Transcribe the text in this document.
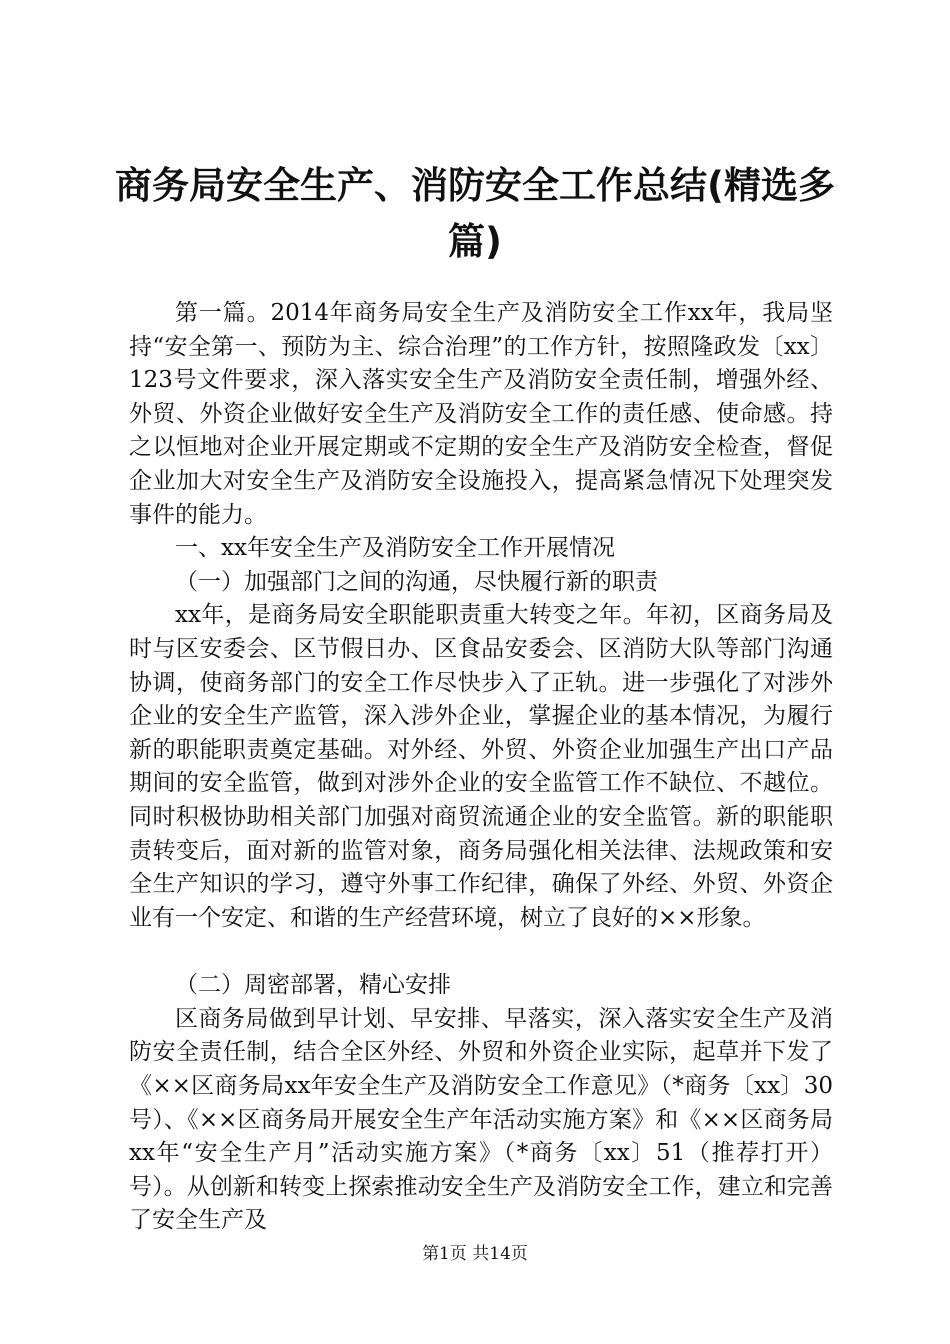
商务局安全生产、消防安全工作总结(精选多篇)

第一篇。2014年商务局安全生产及消防安全工作xx年，我局坚持“安全第一、预防为主、综合治理”的工作方针，按照隆政发〔xx〕123号文件要求，深入落实安全生产及消防安全责任制，增强外经、外贸、外资企业做好安全生产及消防安全工作的责任感、使命感。持之以恒地对企业开展定期或不定期的安全生产及消防安全检查，督促企业加大对安全生产及消防安全设施投入，提高紧急情况下处理突发事件的能力。

一、xx年安全生产及消防安全工作开展情况

（一）加强部门之间的沟通，尽快履行新的职责

xx年，是商务局安全职能职责重大转变之年。年初，区商务局及时与区安委会、区节假日办、区食品安委会、区消防大队等部门沟通协调，使商务部门的安全工作尽快步入了正轨。进一步强化了对涉外企业的安全生产监管，深入涉外企业，掌握企业的基本情况，为履行新的职能职责奠定基础。对外经、外贸、外资企业加强生产出口产品期间的安全监管，做到对涉外企业的安全监管工作不缺位、不越位。同时积极协助相关部门加强对商贸流通企业的安全监管。新的职能职责转变后，面对新的监管对象，商务局强化相关法律、法规政策和安全生产知识的学习，遵守外事工作纪律，确保了外经、外贸、外资企业有一个安定、和谐的生产经营环境，树立了良好的××形象。

（二）周密部署，精心安排

区商务局做到早计划、早安排、早落实，深入落实安全生产及消防安全责任制，结合全区外经、外贸和外资企业实际，起草并下发了《××区商务局xx年安全生产及消防安全工作意见》（*商务〔xx〕30号）、《××区商务局开展安全生产年活动实施方案》和《××区商务局xx年“安全生产月”活动实施方案》（*商务〔xx〕51（推荐打开）号）。从创新和转变上探索推动安全生产及消防安全工作，建立和完善了安全生产及

第1页 共14页
